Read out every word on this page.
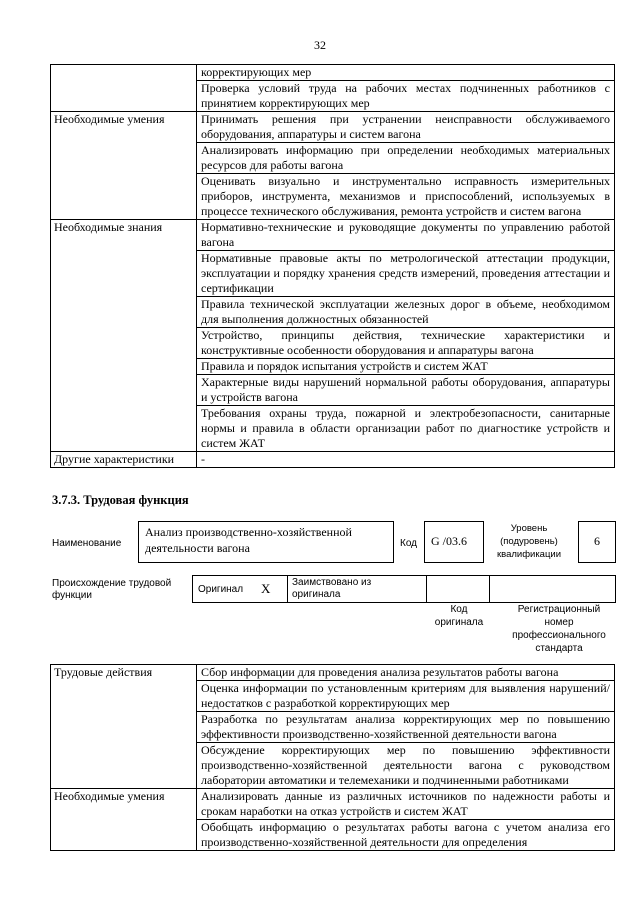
32
	корректирующих мер
	Проверка условий труда на рабочих местах подчиненных работников с принятием корректирующих мер
Необходимые умения	Принимать решения при устранении неисправности обслуживаемого оборудования, аппаратуры и систем вагона
	Анализировать информацию при определении необходимых материальных ресурсов для работы вагона
	Оценивать визуально и инструментально исправность измерительных приборов, инструмента, механизмов и приспособлений, используемых в процессе технического обслуживания, ремонта устройств и систем вагона
Необходимые знания	Нормативно-технические и руководящие документы по управлению работой вагона
	Нормативные правовые акты по метрологической аттестации продукции, эксплуатации и порядку хранения средств измерений, проведения аттестации и сертификации
	Правила технической эксплуатации железных дорог в объеме, необходимом для выполнения должностных обязанностей
	Устройство, принципы действия, технические характеристики и конструктивные особенности оборудования и аппаратуры вагона
	Правила и порядок испытания устройств и систем ЖАТ
	Характерные виды нарушений нормальной работы оборудования, аппаратуры и устройств вагона
	Требования охраны труда, пожарной и электробезопасности, санитарные нормы и правила в области организации работ по диагностике устройств и систем ЖАТ
Другие характеристики	-
3.7.3. Трудовая функция
Наименование
Анализ производственно-хозяйственной деятельности вагона	Код	G /03.6
Уровень (подуровень) квалификации
6
Происхождение трудовой функции
Оригинал X Заимствовано из оригинала
Код оригинала
Регистрационный номер профессионального стандарта
Трудовые действия	Сбор информации для проведения анализа результатов работы вагона
	Оценка информации по установленным критериям для выявления нарушений/недостатков с разработкой корректирующих мер
	Разработка по результатам анализа корректирующих мер по повышению эффективности производственно-хозяйственной деятельности вагона
	Обсуждение корректирующих мер по повышению эффективности производственно-хозяйственной деятельности вагона с руководством лаборатории автоматики и телемеханики и подчиненными работниками
Необходимые умения	Анализировать данные из различных источников по надежности работы и срокам наработки на отказ устройств и систем ЖАТ
	Обобщать информацию о результатах работы вагона с учетом анализа его производственно-хозяйственной деятельности для определения
